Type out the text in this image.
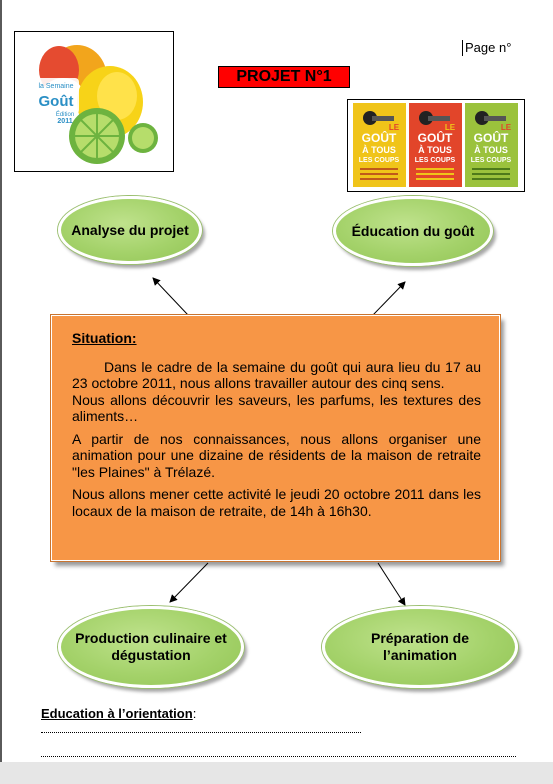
la Semaine
Goût
Édition
2011
Page n°
PROJET N°1
LE
GOÛT
À TOUS
LES COUPS
LE
GOÛT
À TOUS
LES COUPS
LE
GOÛT
À TOUS
LES COUPS
Analyse du projet	Éducation du goût
Situation:

Dans le cadre de la semaine du goût qui aura lieu du 17 au 23 octobre 2011, nous allons travailler autour des cinq sens.

Nous allons découvrir les saveurs, les parfums, les textures des aliments…

A partir de nos connaissances, nous allons organiser une animation pour une dizaine de résidents de la maison de retraite "les Plaines" à Trélazé.

Nous allons mener cette activité le jeudi 20 octobre 2011 dans les locaux de la maison de retraite, de 14h à 16h30.

Production culinaire et dégustation
Préparation de l’animation
Education à l’orientation:
